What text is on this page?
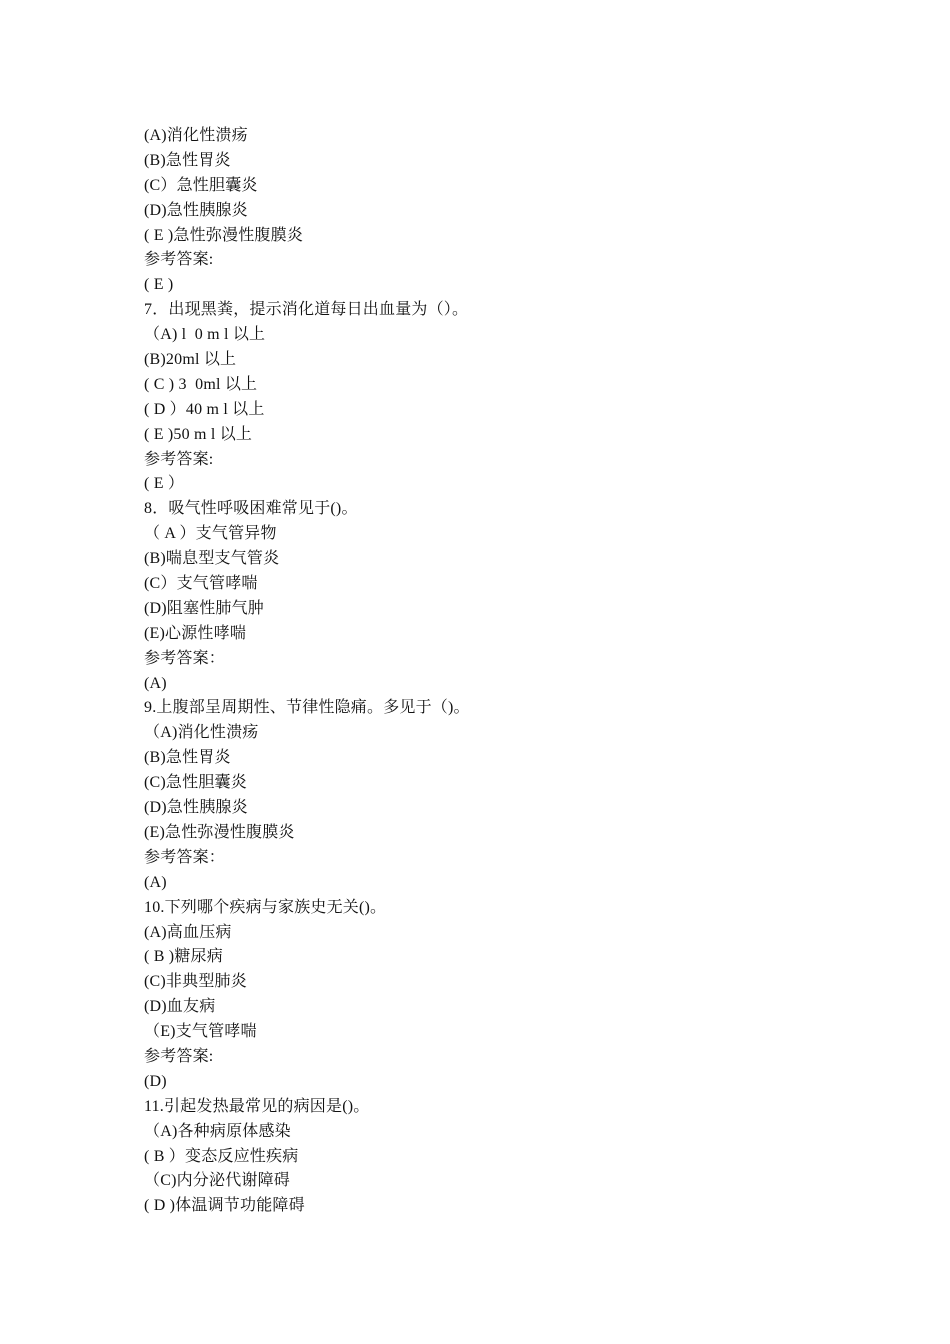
(A)消化性溃疡
(B)急性胃炎
(C）急性胆囊炎
(D)急性胰腺炎
( E )急性弥漫性腹膜炎
参考答案:
( E )
7．出现黑粪，提示消化道每日出血量为（）。
（A) l  0 m l 以上
(B)20ml 以上
( C ) 3  0ml 以上
( D ）40 m l 以上
( E )50 m l 以上
参考答案:
( E ）
8．吸气性呼吸困难常见于()。
（ A ）支气管异物
(B)喘息型支气管炎
(C）支气管哮喘
(D)阻塞性肺气肿
(E)心源性哮喘
参考答案：
(A)
9.上腹部呈周期性、节律性隐痛。多见于（)。
（A)消化性溃疡
(B)急性胃炎
(C)急性胆囊炎
(D)急性胰腺炎
(E)急性弥漫性腹膜炎
参考答案：
(A)
10.下列哪个疾病与家族史无关()。
(A)高血压病
( B )糖尿病
(C)非典型肺炎
(D)血友病
（E)支气管哮喘
参考答案:
(D)
11.引起发热最常见的病因是()。
（A)各种病原体感染
( B ）变态反应性疾病
（C)内分泌代谢障碍
( D )体温调节功能障碍
